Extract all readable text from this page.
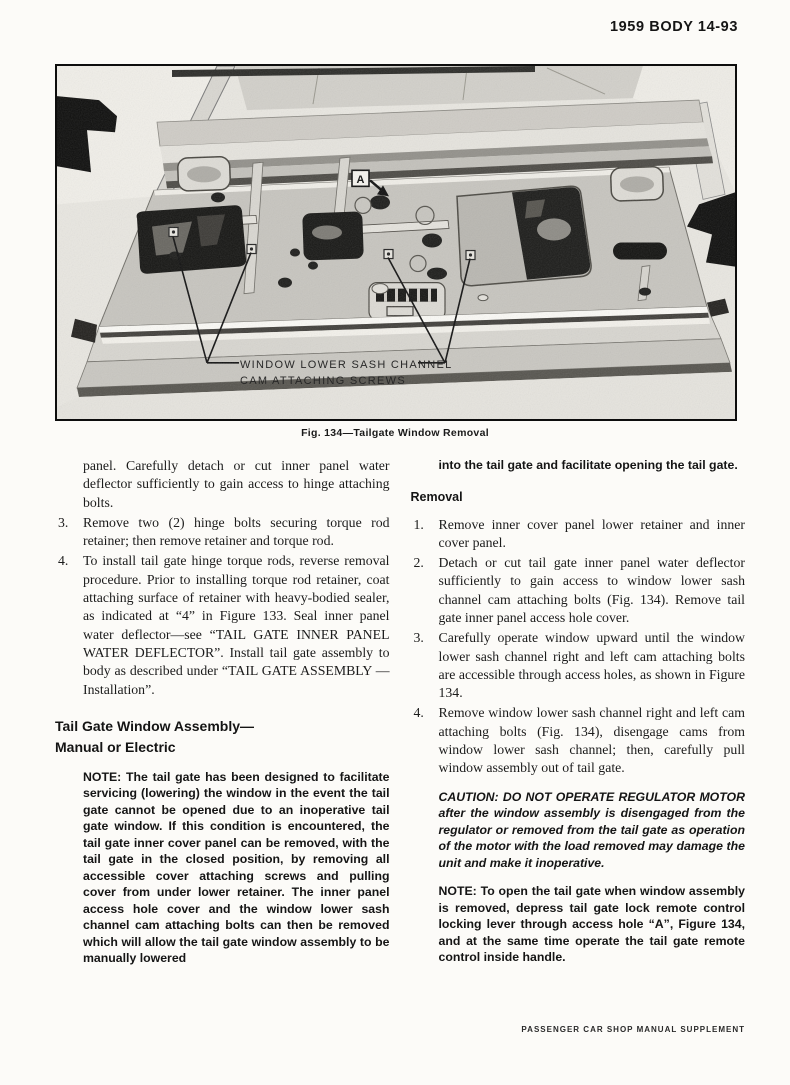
1959 BODY 14-93
WINDOW LOWER SASH CHANNEL
CAM ATTACHING SCREWS
A
Fig. 134—Tailgate Window Removal

panel. Carefully detach or cut inner panel water deflector sufficiently to gain access to hinge attaching bolts.

3.	Remove two (2) hinge bolts securing torque rod retainer; then remove retainer and torque rod.
4.	To install tail gate hinge torque rods, reverse removal procedure. Prior to installing torque rod retainer, coat attaching surface of retainer with heavy-bodied sealer, as indicated at “4” in Figure 133. Seal inner panel water deflector—see “TAIL GATE INNER PANEL WATER DEFLECTOR”. Install tail gate assembly to body as described under “TAIL GATE ASSEMBLY — Installation”.
Tail Gate Window Assembly—
Manual or Electric

NOTE: The tail gate has been designed to facilitate servicing (lowering) the window in the event the tail gate cannot be opened due to an inoperative tail gate window. If this condition is encountered, the tail gate inner cover panel can be removed, with the tail gate in the closed position, by removing all accessible cover attaching screws and pulling cover from under lower retainer. The inner panel access hole cover and the window lower sash channel cam attaching bolts can then be removed which will allow the tail gate window assembly to be manually lowered

into the tail gate and facilitate opening the tail gate.

Removal
1.	Remove inner cover panel lower retainer and inner cover panel.
2.	Detach or cut tail gate inner panel water deflector sufficiently to gain access to window lower sash channel cam attaching bolts (Fig. 134). Remove tail gate inner panel access hole cover.
3.	Carefully operate window upward until the window lower sash channel right and left cam attaching bolts are accessible through access holes, as shown in Figure 134.
4.	Remove window lower sash channel right and left cam attaching bolts (Fig. 134), disengage cams from window lower sash channel; then, carefully pull window assembly out of tail gate.

CAUTION: DO NOT OPERATE REGULATOR MOTOR after the window assembly is disengaged from the regulator or removed from the tail gate as operation of the motor with the load removed may damage the unit and make it inoperative.

NOTE: To open the tail gate when window assembly is removed, depress tail gate lock remote control locking lever through access hole “A”, Figure 134, and at the same time operate the tail gate remote control inside handle.

PASSENGER CAR SHOP MANUAL SUPPLEMENT
